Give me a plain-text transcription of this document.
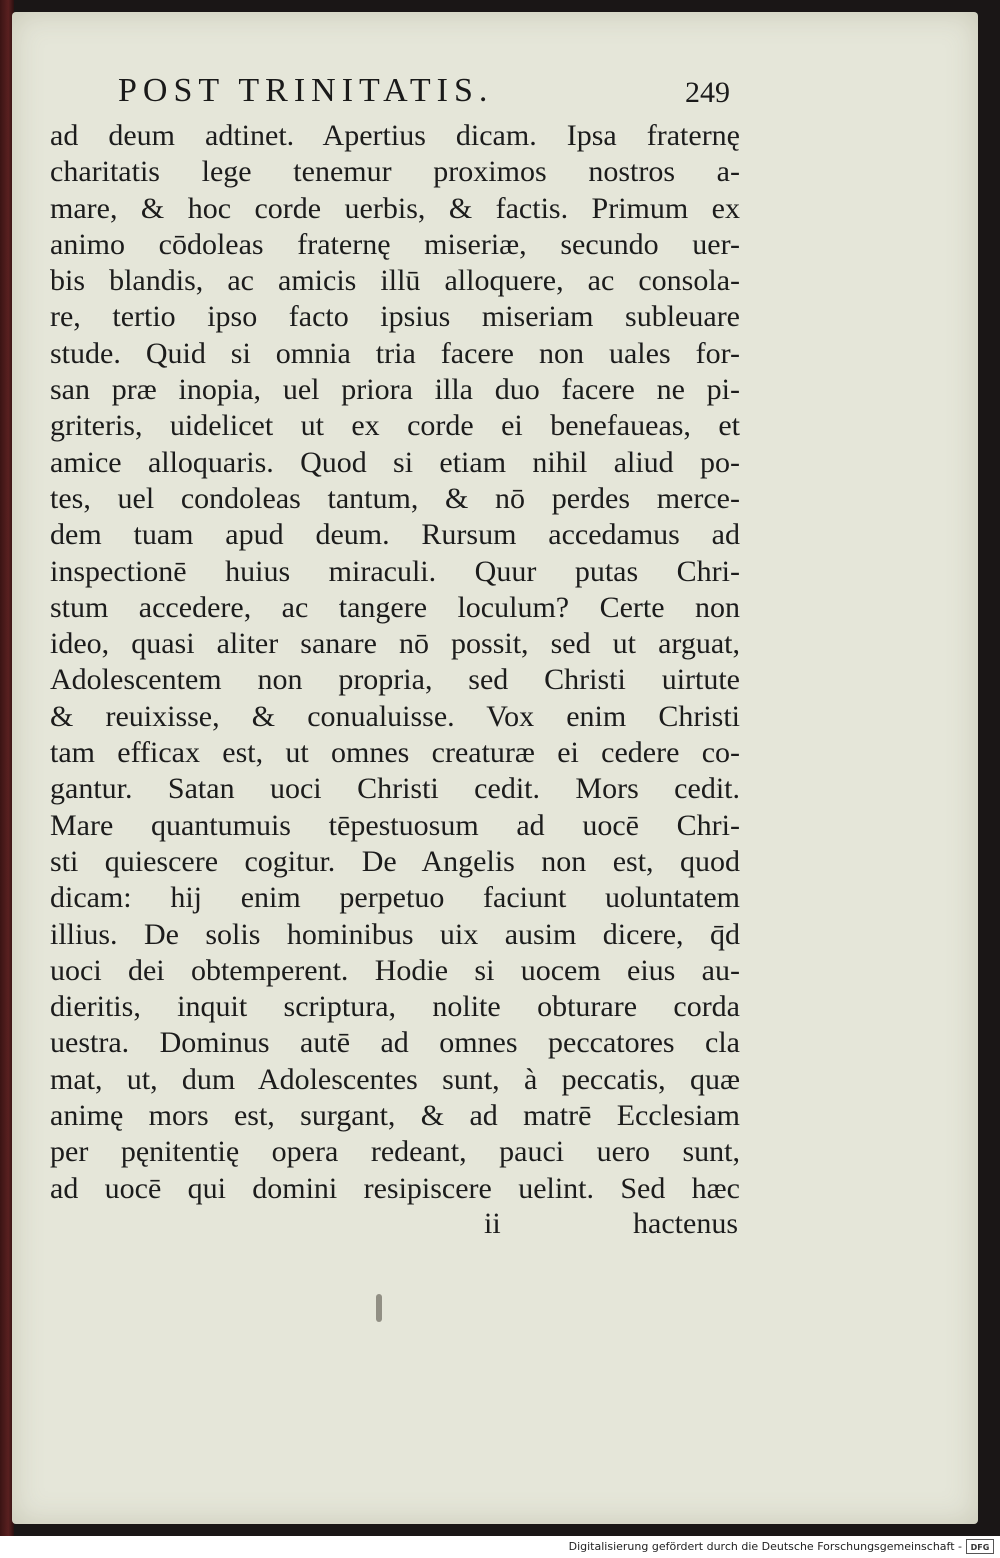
POST TRINITATIS.	249
ad deum adtinet. Apertius dicam. Ipsa fraternę
charitatis lege tenemur proximos nostros a-
mare, & hoc corde uerbis, & factis. Primum ex
animo cōdoleas fraternę miseriæ, secundo uer-
bis blandis, ac amicis illū alloquere, ac consola-
re, tertio ipso facto ipsius miseriam subleuare
stude. Quid si omnia tria facere non uales for-
san præ inopia, uel priora illa duo facere ne pi-
griteris, uidelicet ut ex corde ei benefaueas, et
amice alloquaris. Quod si etiam nihil aliud po-
tes, uel condoleas tantum, & nō perdes merce-
dem tuam apud deum. Rursum accedamus ad
inspectionē huius miraculi. Quur putas Chri-
stum accedere, ac tangere loculum? Certe non
ideo, quasi aliter sanare nō possit, sed ut arguat,
Adolescentem non propria, sed Christi uirtute
& reuixisse, & conualuisse. Vox enim Christi
tam efficax est, ut omnes creaturæ ei cedere co-
gantur. Satan uoci Christi cedit. Mors cedit.
Mare quantumuis tēpestuosum ad uocē Chri-
sti quiescere cogitur. De Angelis non est, quod
dicam: hij enim perpetuo faciunt uoluntatem
illius. De solis hominibus uix ausim dicere, q̄d
uoci dei obtemperent. Hodie si uocem eius au-
dieritis, inquit scriptura, nolite obturare corda
uestra. Dominus autē ad omnes peccatores cla
mat, ut, dum Adolescentes sunt, à peccatis, quæ
animę mors est, surgant, & ad matrē Ecclesiam
per pęnitentię opera redeant, pauci uero sunt,
ad uocē qui domini resipiscere uelint. Sed hæc
ii	hactenus
Digitalisierung gefördert durch die Deutsche Forschungsgemeinschaft -	DFG
